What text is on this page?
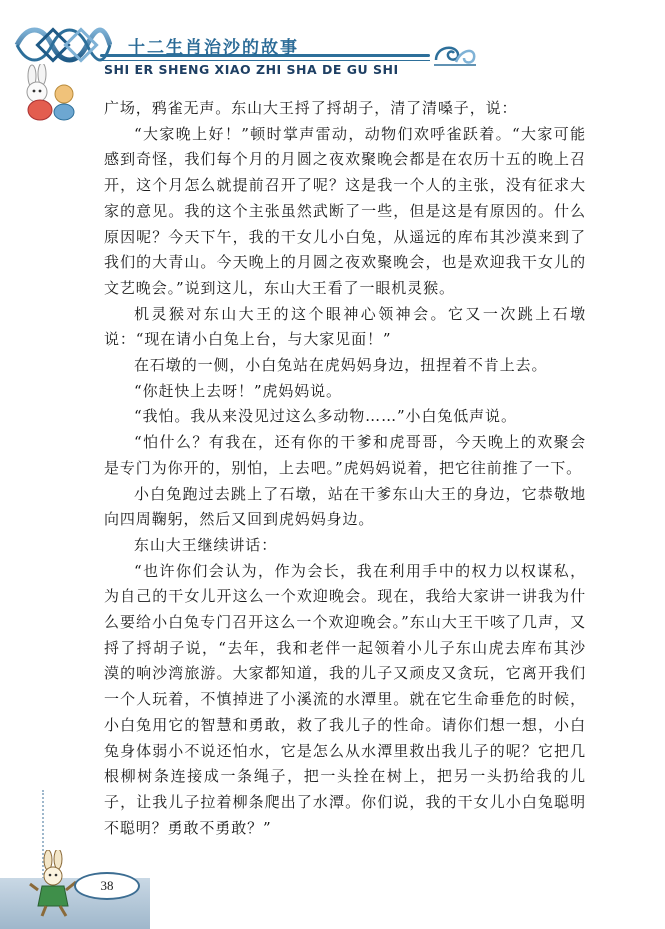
十二生肖治沙的故事
SHI ER SHENG XIAO ZHI SHA DE GU SHI

广场，鸦雀无声。东山大王捋了捋胡子，清了清嗓子，说：

“大家晚上好！”顿时掌声雷动，动物们欢呼雀跃着。“大家可能感到奇怪，我们每个月的月圆之夜欢聚晚会都是在农历十五的晚上召开，这个月怎么就提前召开了呢？这是我一个人的主张，没有征求大家的意见。我的这个主张虽然武断了一些，但是这是有原因的。什么原因呢？今天下午，我的干女儿小白兔，从遥远的库布其沙漠来到了我们的大青山。今天晚上的月圆之夜欢聚晚会，也是欢迎我干女儿的文艺晚会。”说到这儿，东山大王看了一眼机灵猴。

机灵猴对东山大王的这个眼神心领神会。它又一次跳上石墩说：“现在请小白兔上台，与大家见面！”

在石墩的一侧，小白兔站在虎妈妈身边，扭捏着不肯上去。

“你赶快上去呀！”虎妈妈说。

“我怕。我从来没见过这么多动物……”小白兔低声说。

“怕什么？有我在，还有你的干爹和虎哥哥，今天晚上的欢聚会是专门为你开的，别怕，上去吧。”虎妈妈说着，把它往前推了一下。

小白兔跑过去跳上了石墩，站在干爹东山大王的身边，它恭敬地向四周鞠躬，然后又回到虎妈妈身边。

东山大王继续讲话：

“也许你们会认为，作为会长，我在利用手中的权力以权谋私，为自己的干女儿开这么一个欢迎晚会。现在，我给大家讲一讲我为什么要给小白兔专门召开这么一个欢迎晚会。”东山大王干咳了几声，又捋了捋胡子说，“去年，我和老伴一起领着小儿子东山虎去库布其沙漠的响沙湾旅游。大家都知道，我的儿子又顽皮又贪玩，它离开我们一个人玩着，不慎掉进了小溪流的水潭里。就在它生命垂危的时候，小白兔用它的智慧和勇敢，救了我儿子的性命。请你们想一想，小白兔身体弱小不说还怕水，它是怎么从水潭里救出我儿子的呢？它把几根柳树条连接成一条绳子，把一头拴在树上，把另一头扔给我的儿子，让我儿子拉着柳条爬出了水潭。你们说，我的干女儿小白兔聪明不聪明？勇敢不勇敢？”

38
